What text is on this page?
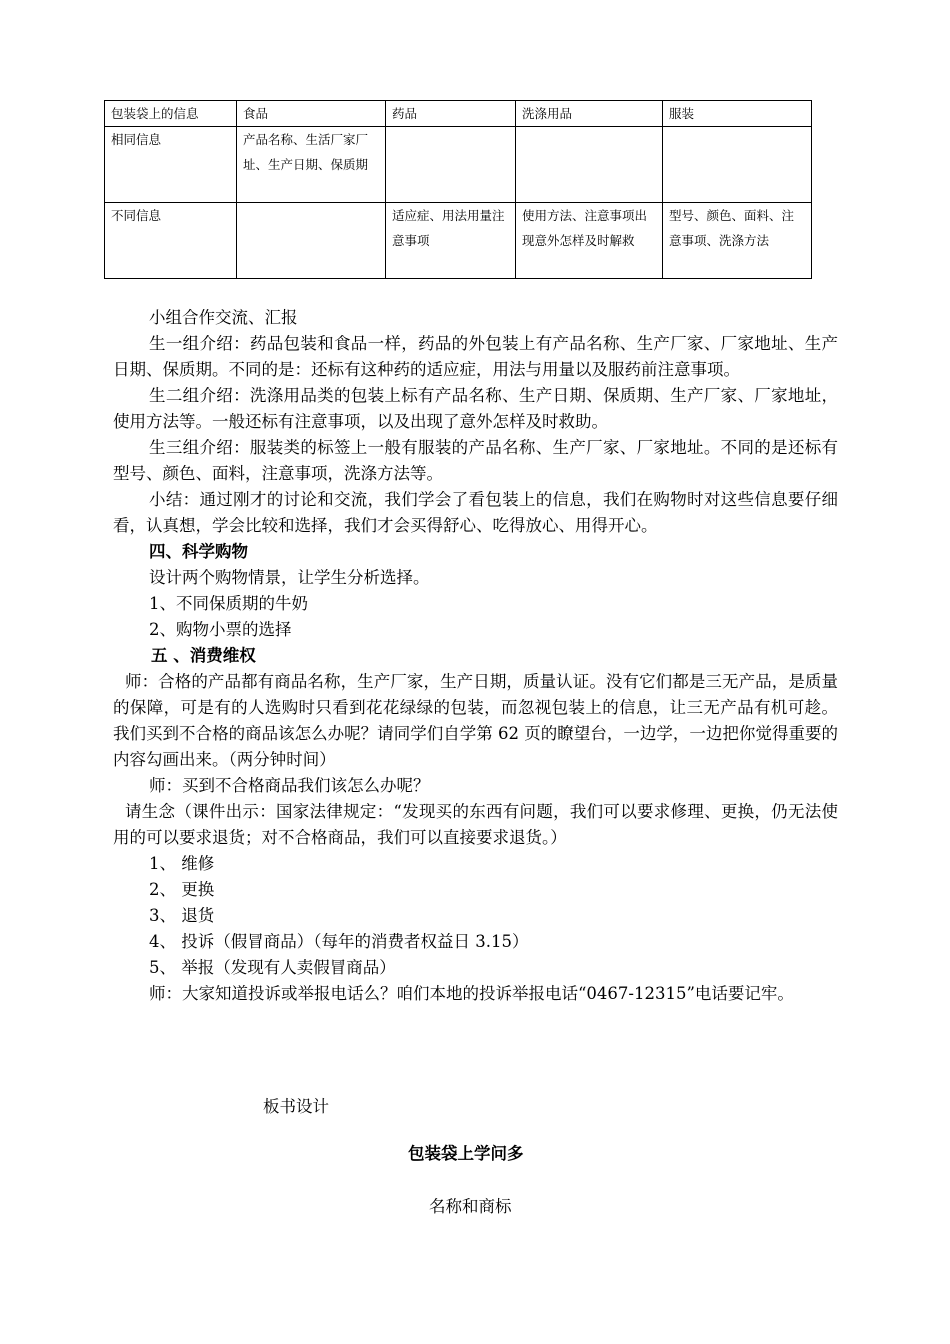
包装袋上的信息	食品	药品	洗涤用品	服装
相同信息	产品名称、生活厂家厂址、生产日期、保质期			
不同信息		适应症、用法用量注意事项	使用方法、注意事项出现意外怎样及时解救	型号、颜色、面料、注意事项、洗涤方法

小组合作交流、汇报

生一组介绍：药品包装和食品一样，药品的外包装上有产品名称、生产厂家、厂家地址、生产日期、保质期。不同的是：还标有这种药的适应症，用法与用量以及服药前注意事项。

生二组介绍：洗涤用品类的包装上标有产品名称、生产日期、保质期、生产厂家、厂家地址，使用方法等。一般还标有注意事项，以及出现了意外怎样及时救助。

生三组介绍：服装类的标签上一般有服装的产品名称、生产厂家、厂家地址。不同的是还标有型号、颜色、面料，注意事项，洗涤方法等。

小结：通过刚才的讨论和交流，我们学会了看包装上的信息，我们在购物时对这些信息要仔细看，认真想，学会比较和选择，我们才会买得舒心、吃得放心、用得开心。

四、科学购物

设计两个购物情景，让学生分析选择。

1、不同保质期的牛奶

2、购物小票的选择

五 、消费维权

师：合格的产品都有商品名称，生产厂家，生产日期，质量认证。没有它们都是三无产品，是质量的保障，可是有的人选购时只看到花花绿绿的包装，而忽视包装上的信息，让三无产品有机可趁。我们买到不合格的商品该怎么办呢？请同学们自学第 62 页的瞭望台，一边学，一边把你觉得重要的内容勾画出来。（两分钟时间）

师：买到不合格商品我们该怎么办呢？

请生念（课件出示：国家法律规定：“发现买的东西有问题，我们可以要求修理、更换，仍无法使用的可以要求退货；对不合格商品，我们可以直接要求退货。）

1、 维修

2、 更换

3、 退货

4、 投诉（假冒商品）（每年的消费者权益日 3.15）

5、 举报（发现有人卖假冒商品）

师：大家知道投诉或举报电话么？咱们本地的投诉举报电话“0467-12315”电话要记牢。

板书设计
包装袋上学问多
名称和商标
